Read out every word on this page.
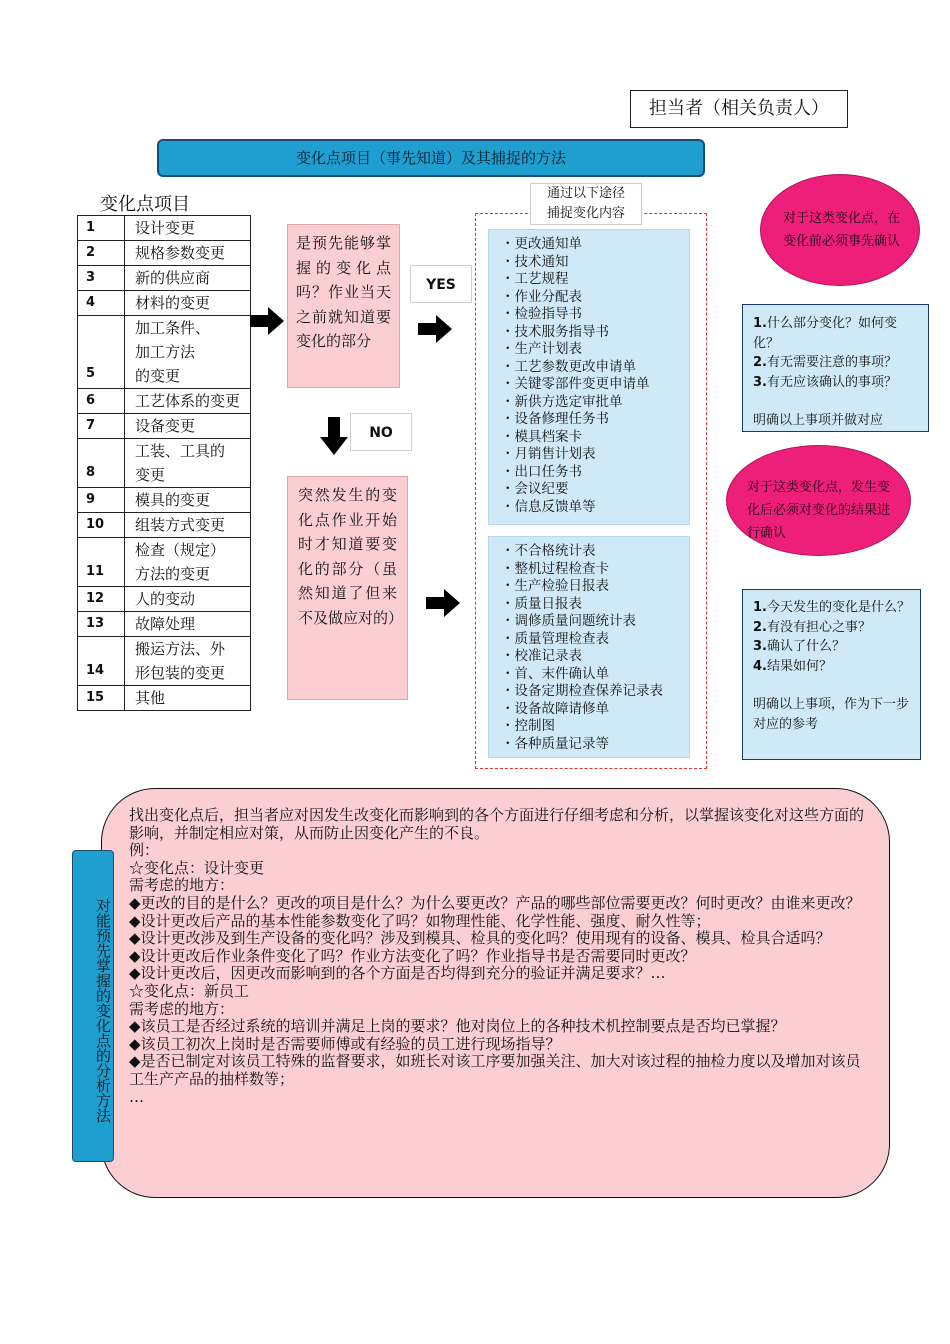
担当者（相关负责人）
变化点项目（事先知道）及其捕捉的方法
变化点项目
1	设计变更
2	规格参数变更
3	新的供应商
4	材料的变更
5	加工条件、
加工方法
的变更
6	工艺体系的变更
7	设备变更
8	工装、工具的
变更
9	模具的变更
10	组装方式变更
11	检查（规定）
方法的变更
12	人的变动
13	故障处理
14	搬运方法、外
形包装的变更
15	其他
是预先能够掌握的变化点吗？作业当天之前就知道要变化的部分
YES
NO
突然发生的变化点作业开始时才知道要变化的部分（虽然知道了但来不及做应对的）
通过以下途径
捕捉变化内容
・更改通知单
・技术通知
・工艺规程
・作业分配表
・检验指导书
・技术服务指导书
・生产计划表
・工艺参数更改申请单
・关键零部件变更申请单
・新供方选定审批单
・设备修理任务书
・模具档案卡
・月销售计划表
・出口任务书
・会议纪要
・信息反馈单等
・不合格统计表
・整机过程检查卡
・生产检验日报表
・质量日报表
・调修质量问题统计表
・质量管理检查表
・校准记录表
・首、末件确认单
・设备定期检查保养记录表
・设备故障请修单
・控制图
・各种质量记录等
对于这类变化点，在变化前必须事先确认
对于这类变化点，发生变化后必须对变化的结果进行确认
1.什么部分变化？如何变化？
2.有无需要注意的事项？
3.有无应该确认的事项？
明确以上事项并做对应
1.今天发生的变化是什么？
2.有没有担心之事？
3.确认了什么？
4.结果如何？
明确以上事项，作为下一步对应的参考
找出变化点后，担当者应对因发生改变化而影响到的各个方面进行仔细考虑和分析，以掌握该变化对这些方面的影响，并制定相应对策，从而防止因变化产生的不良。
例：
☆变化点：设计变更
需考虑的地方：
◆更改的目的是什么？更改的项目是什么？为什么要更改？产品的哪些部位需要更改？何时更改？由谁来更改？
◆设计更改后产品的基本性能参数变化了吗？如物理性能、化学性能、强度、耐久性等；
◆设计更改涉及到生产设备的变化吗？涉及到模具、检具的变化吗？使用现有的设备、模具、检具合适吗？
◆设计更改后作业条件变化了吗？作业方法变化了吗？作业指导书是否需要同时更改？
◆设计更改后，因更改而影响到的各个方面是否均得到充分的验证并满足要求？…
☆变化点：新员工
需考虑的地方：
◆该员工是否经过系统的培训并满足上岗的要求？他对岗位上的各种技术机控制要点是否均已掌握？
◆该员工初次上岗时是否需要师傅或有经验的员工进行现场指导？
◆是否已制定对该员工特殊的监督要求，如班长对该工序要加强关注、加大对该过程的抽检力度以及增加对该员工生产产品的抽样数等；
…
对能预先掌握的变化点的分析方法
